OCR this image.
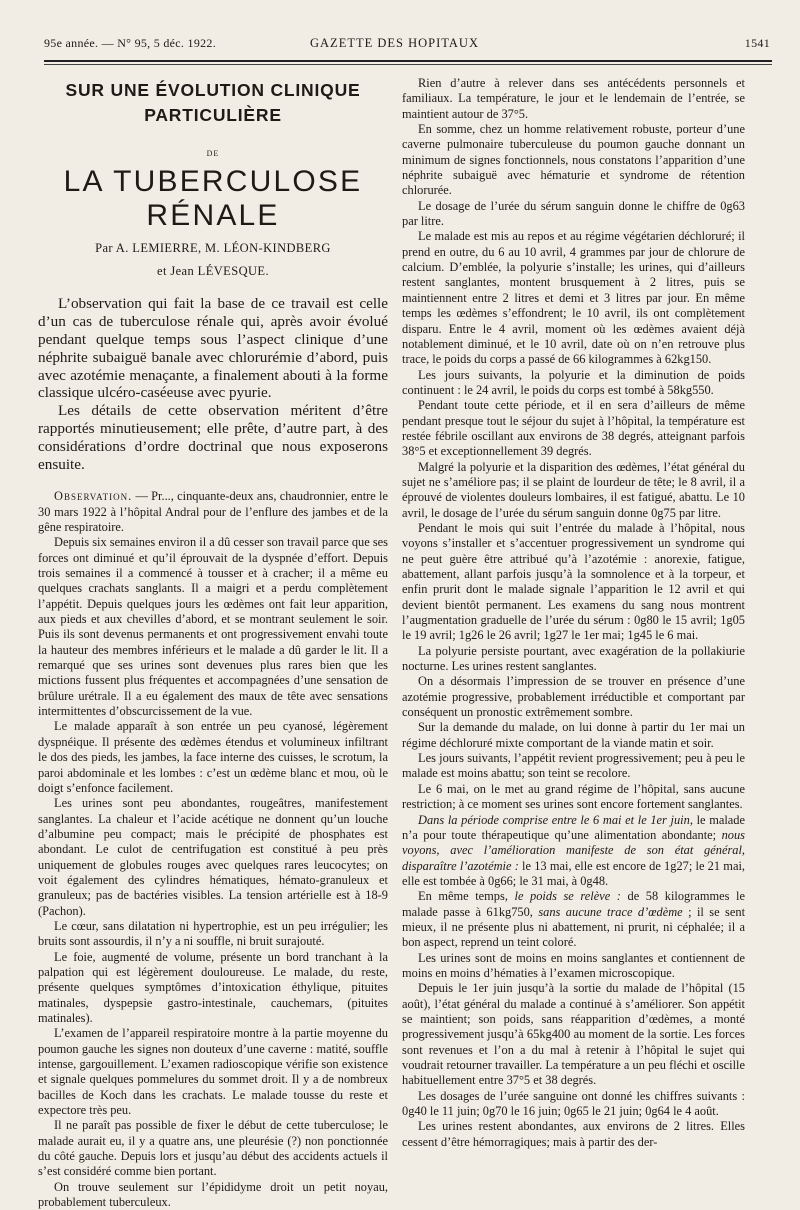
95e année. — N° 95, 5 déc. 1922.	GAZETTE DES HOPITAUX	1541
SUR UNE ÉVOLUTION CLINIQUE
PARTICULIÈRE
DE
LA TUBERCULOSE RÉNALE
Par A. LEMIERRE, M. LÉON-KINDBERG
et Jean LÉVESQUE.

L’observation qui fait la base de ce travail est celle d’un cas de tuberculose rénale qui, après avoir évolué pendant quelque temps sous l’aspect clinique d’une néphrite subaiguë banale avec chlorurémie d’abord, puis avec azotémie menaçante, a finalement abouti à la forme classique ulcéro-caséeuse avec pyurie.

Les détails de cette observation méritent d’être rapportés minutieusement; elle prête, d’autre part, à des considérations d’ordre doctrinal que nous exposerons ensuite.

Observation. — Pr..., cinquante-deux ans, chaudronnier, entre le 30 mars 1922 à l’hôpital Andral pour de l’enflure des jambes et de la gêne respiratoire.

Depuis six semaines environ il a dû cesser son travail parce que ses forces ont diminué et qu’il éprouvait de la dyspnée d’effort. Depuis trois semaines il a commencé à tousser et à cracher; il a même eu quelques crachats sanglants. Il a maigri et a perdu complètement l’appétit. Depuis quelques jours les œdèmes ont fait leur apparition, aux pieds et aux chevilles d’abord, et se montrant seulement le soir. Puis ils sont devenus permanents et ont progressivement envahi toute la hauteur des membres inférieurs et le malade a dû garder le lit. Il a remarqué que ses urines sont devenues plus rares bien que les mictions fussent plus fréquentes et accompagnées d’une sensation de brûlure urétrale. Il a eu également des maux de tête avec sensations intermittentes d’obscurcissement de la vue.

Le malade apparaît à son entrée un peu cyanosé, légèrement dyspnéique. Il présente des œdèmes étendus et volumineux infiltrant le dos des pieds, les jambes, la face interne des cuisses, le scrotum, la paroi abdominale et les lombes : c’est un œdème blanc et mou, où le doigt s’enfonce facilement.

Les urines sont peu abondantes, rougeâtres, manifestement sanglantes. La chaleur et l’acide acétique ne donnent qu’un louche d’albumine peu compact; mais le précipité de phosphates est abondant. Le culot de centrifugation est constitué à peu près uniquement de globules rouges avec quelques rares leucocytes; on voit également des cylindres hématiques, hémato-granuleux et granuleux; pas de bactéries visibles. La tension artérielle est à 18-9 (Pachon).

Le cœur, sans dilatation ni hypertrophie, est un peu irrégulier; les bruits sont assourdis, il n’y a ni souffle, ni bruit surajouté.

Le foie, augmenté de volume, présente un bord tranchant à la palpation qui est légèrement douloureuse. Le malade, du reste, présente quelques symptômes d’intoxication éthylique, pituites matinales, dyspepsie gastro-intestinale, cauchemars, (pituites matinales).

L’examen de l’appareil respiratoire montre à la partie moyenne du poumon gauche les signes non douteux d’une caverne : matité, souffle intense, gargouillement. L’examen radioscopique vérifie son existence et signale quelques pommelures du sommet droit. Il y a de nombreux bacilles de Koch dans les crachats. Le malade tousse du reste et expectore très peu.

Il ne paraît pas possible de fixer le début de cette tuberculose; le malade aurait eu, il y a quatre ans, une pleurésie (?) non ponctionnée du côté gauche. Depuis lors et jusqu’au début des accidents actuels il s’est considéré comme bien portant.

On trouve seulement sur l’épididyme droit un petit noyau, probablement tuberculeux.

Rien d’autre à relever dans ses antécédents personnels et familiaux. La température, le jour et le lendemain de l’entrée, se maintient autour de 37°5.

En somme, chez un homme relativement robuste, porteur d’une caverne pulmonaire tuberculeuse du poumon gauche donnant un minimum de signes fonctionnels, nous constatons l’apparition d’une néphrite subaiguë avec hématurie et syndrome de rétention chlorurée.

Le dosage de l’urée du sérum sanguin donne le chiffre de 0g63 par litre.

Le malade est mis au repos et au régime végétarien déchloruré; il prend en outre, du 6 au 10 avril, 4 grammes par jour de chlorure de calcium. D’emblée, la polyurie s’installe; les urines, qui d’ailleurs restent sanglantes, montent brusquement à 2 litres, puis se maintiennent entre 2 litres et demi et 3 litres par jour. En même temps les œdèmes s’effondrent; le 10 avril, ils ont complètement disparu. Entre le 4 avril, moment où les œdèmes avaient déjà notablement diminué, et le 10 avril, date où on n’en retrouve plus trace, le poids du corps a passé de 66 kilogrammes à 62kg150.

Les jours suivants, la polyurie et la diminution de poids continuent : le 24 avril, le poids du corps est tombé à 58kg550.

Pendant toute cette période, et il en sera d’ailleurs de même pendant presque tout le séjour du sujet à l’hôpital, la température est restée fébrile oscillant aux environs de 38 degrés, atteignant parfois 38°5 et exceptionnellement 39 degrés.

Malgré la polyurie et la disparition des œdèmes, l’état général du sujet ne s’améliore pas; il se plaint de lourdeur de tête; le 8 avril, il a éprouvé de violentes douleurs lombaires, il est fatigué, abattu. Le 10 avril, le dosage de l’urée du sérum sanguin donne 0g75 par litre.

Pendant le mois qui suit l’entrée du malade à l’hôpital, nous voyons s’installer et s’accentuer progressivement un syndrome qui ne peut guère être attribué qu’à l’azotémie : anorexie, fatigue, abattement, allant parfois jusqu’à la somnolence et à la torpeur, et enfin prurit dont le malade signale l’apparition le 12 avril et qui devient bientôt permanent. Les examens du sang nous montrent l’augmentation graduelle de l’urée du sérum : 0g80 le 15 avril; 1g05 le 19 avril; 1g26 le 26 avril; 1g27 le 1er mai; 1g45 le 6 mai.

La polyurie persiste pourtant, avec exagération de la pollakiurie nocturne. Les urines restent sanglantes.

On a désormais l’impression de se trouver en présence d’une azotémie progressive, probablement irréductible et comportant par conséquent un pronostic extrêmement sombre.

Sur la demande du malade, on lui donne à partir du 1er mai un régime déchloruré mixte comportant de la viande matin et soir.

Les jours suivants, l’appétit revient progressivement; peu à peu le malade est moins abattu; son teint se recolore.

Le 6 mai, on le met au grand régime de l’hôpital, sans aucune restriction; à ce moment ses urines sont encore fortement sanglantes.

Dans la période comprise entre le 6 mai et le 1er juin, le malade n’a pour toute thérapeutique qu’une alimentation abondante; nous voyons, avec l’amélioration manifeste de son état général, disparaître l’azotémie : le 13 mai, elle est encore de 1g27; le 21 mai, elle est tombée à 0g66; le 31 mai, à 0g48.

En même temps, le poids se relève : de 58 kilogrammes le malade passe à 61kg750, sans aucune trace d’œdème ; il se sent mieux, il ne présente plus ni abattement, ni prurit, ni céphalée; il a bon aspect, reprend un teint coloré.

Les urines sont de moins en moins sanglantes et contiennent de moins en moins d’hématies à l’examen microscopique.

Depuis le 1er juin jusqu’à la sortie du malade de l’hôpital (15 août), l’état général du malade a continué à s’améliorer. Son appétit se maintient; son poids, sans réapparition d’œdèmes, a monté progressivement jusqu’à 65kg400 au moment de la sortie. Les forces sont revenues et l’on a du mal à retenir à l’hôpital le sujet qui voudrait retourner travailler. La température a un peu fléchi et oscille habituellement entre 37°5 et 38 degrés.

Les dosages de l’urée sanguine ont donné les chiffres suivants : 0g40 le 11 juin; 0g70 le 16 juin; 0g65 le 21 juin; 0g64 le 4 août.

Les urines restent abondantes, aux environs de 2 litres. Elles cessent d’être hémorragiques; mais à partir des der-
